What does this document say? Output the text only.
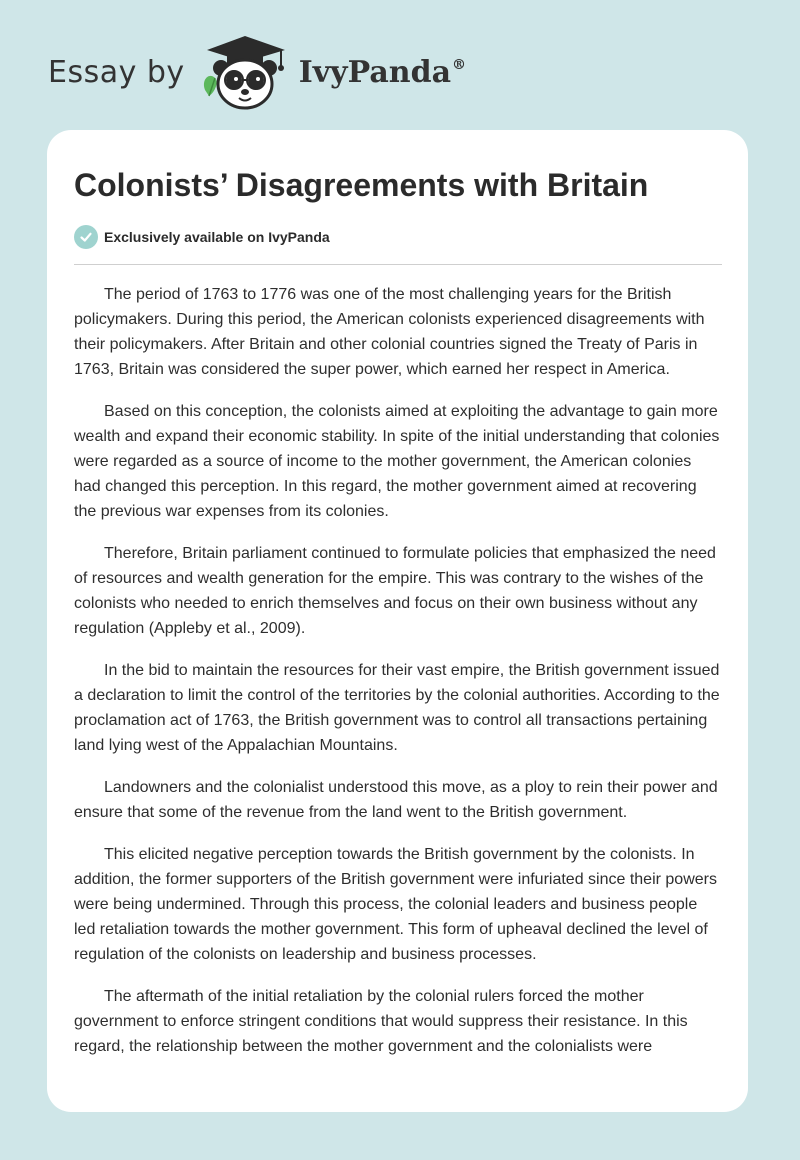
Essay by	IvyPanda®
Colonists’ Disagreements with Britain
Exclusively available on IvyPanda

The period of 1763 to 1776 was one of the most challenging years for the British policymakers. During this period, the American colonists experienced disagreements with their policymakers. After Britain and other colonial countries signed the Treaty of Paris in 1763, Britain was considered the super power, which earned her respect in America.

Based on this conception, the colonists aimed at exploiting the advantage to gain more wealth and expand their economic stability. In spite of the initial understanding that colonies were regarded as a source of income to the mother government, the American colonies had changed this perception. In this regard, the mother government aimed at recovering the previous war expenses from its colonies.

Therefore, Britain parliament continued to formulate policies that emphasized the need of resources and wealth generation for the empire. This was contrary to the wishes of the colonists who needed to enrich themselves and focus on their own business without any regulation (Appleby et al., 2009).

In the bid to maintain the resources for their vast empire, the British government issued a declaration to limit the control of the territories by the colonial authorities. According to the proclamation act of 1763, the British government was to control all transactions pertaining land lying west of the Appalachian Mountains.

Landowners and the colonialist understood this move, as a ploy to rein their power and ensure that some of the revenue from the land went to the British government.

This elicited negative perception towards the British government by the colonists. In addition, the former supporters of the British government were infuriated since their powers were being undermined. Through this process, the colonial leaders and business people led retaliation towards the mother government. This form of upheaval declined the level of regulation of the colonists on leadership and business processes.

The aftermath of the initial retaliation by the colonial rulers forced the mother government to enforce stringent conditions that would suppress their resistance. In this regard, the relationship between the mother government and the colonialists were
